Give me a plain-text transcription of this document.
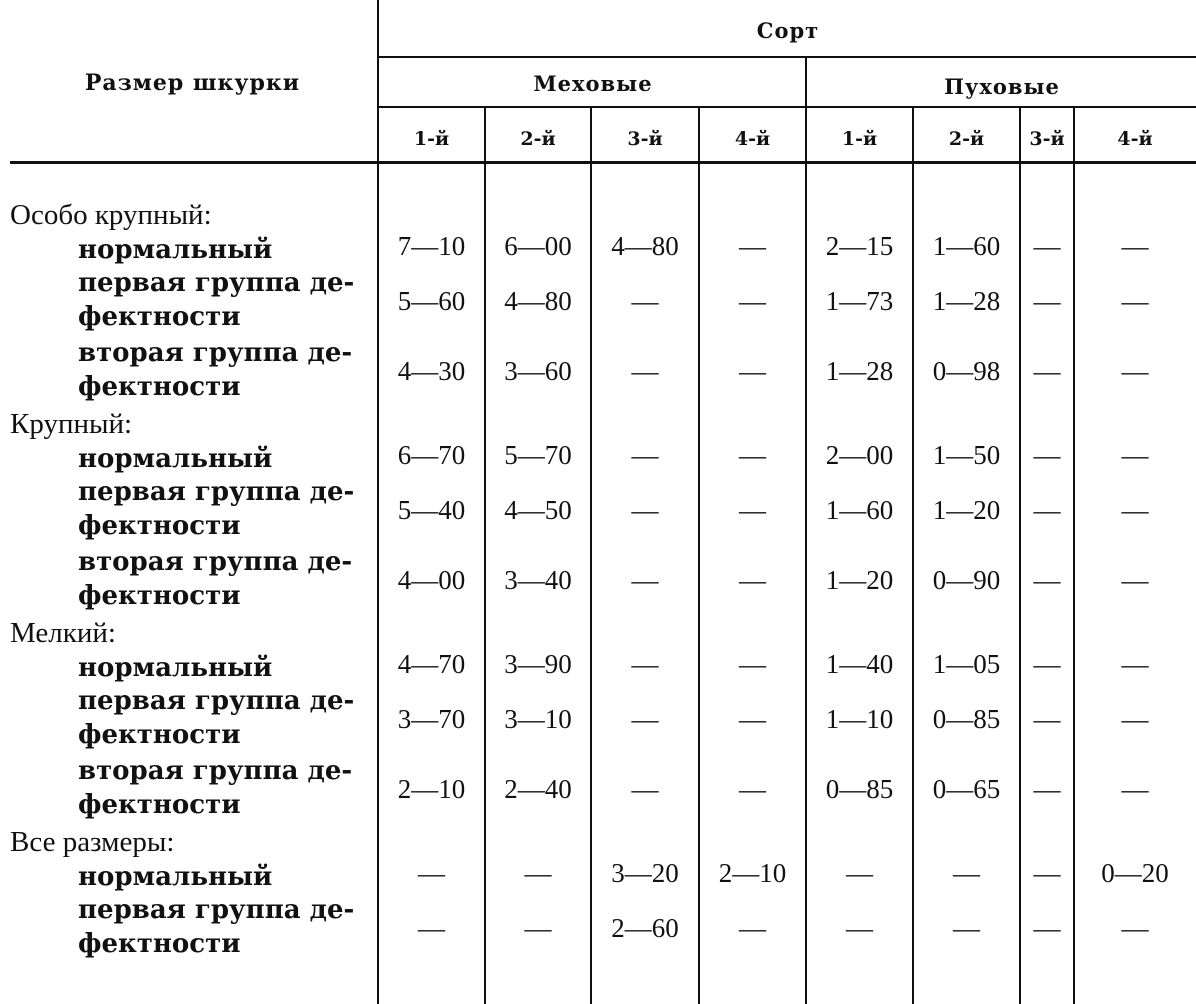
Размер шкурки
Сорт
Меховые	Пуховые
1-й	2-й	3-й	4-й	1-й	2-й	3-й	4-й
Особо крупный:
нормальный	7—10	6—00	4—80	—	2—15	1—60	—	—
первая группа де-
фектности
5—60	4—80	—	—	1—73	1—28	—	—
вторая группа де-
фектности
4—30	3—60	—	—	1—28	0—98	—	—
Крупный:
нормальный	6—70	5—70	—	—	2—00	1—50	—	—
первая группа де-
фектности
5—40	4—50	—	—	1—60	1—20	—	—
вторая группа де-
фектности
4—00	3—40	—	—	1—20	0—90	—	—
Мелкий:
нормальный	4—70	3—90	—	—	1—40	1—05	—	—
первая группа де-
фектности
3—70	3—10	—	—	1—10	0—85	—	—
вторая группа де-
фектности
2—10	2—40	—	—	0—85	0—65	—	—
Все размеры:
нормальный	—	—	3—20	2—10	—	—	—	0—20
первая группа де-
фектности
—	—	2—60	—	—	—	—	—
